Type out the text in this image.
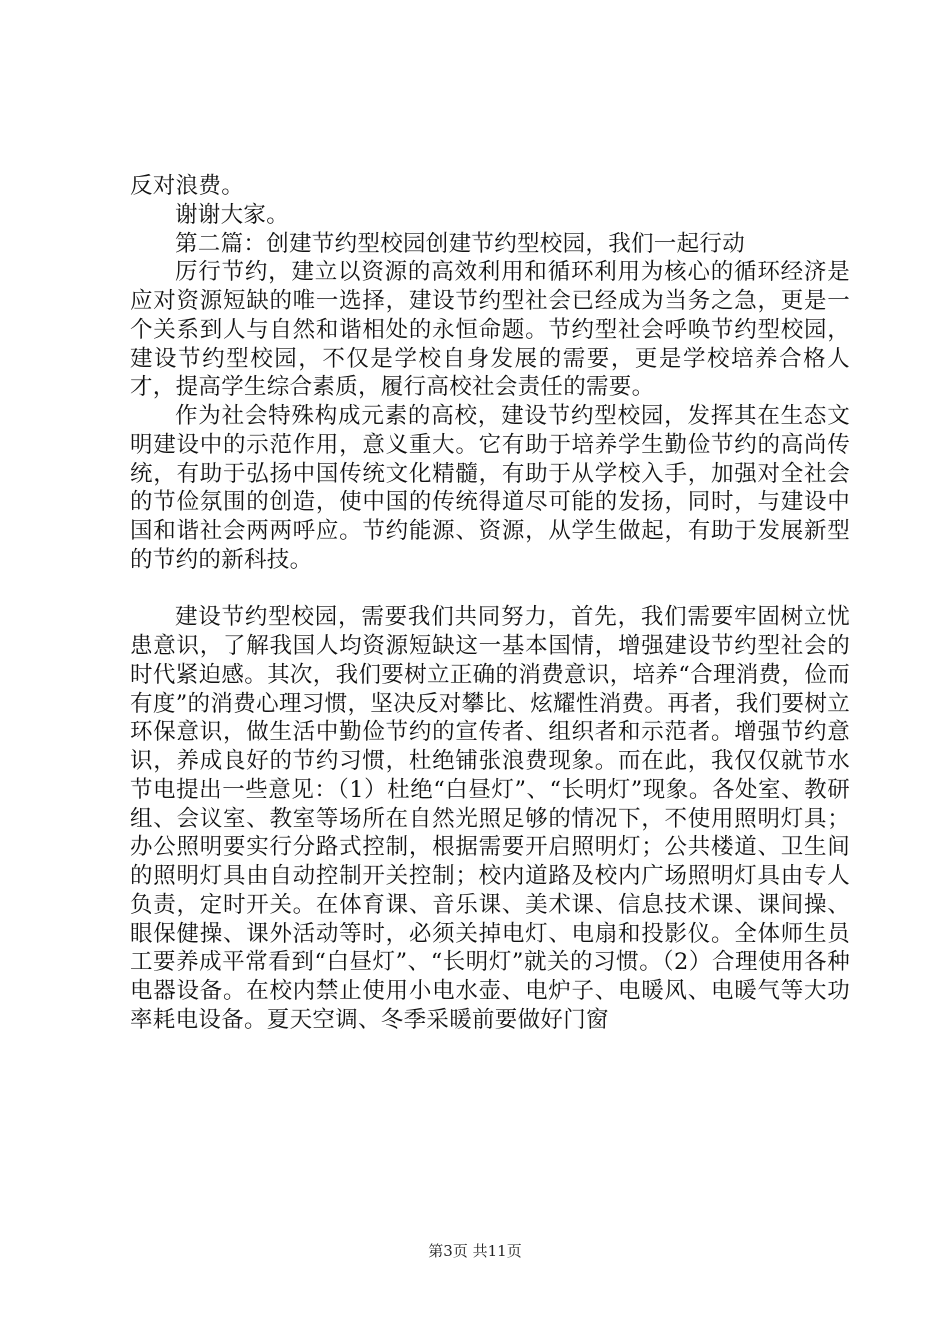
反对浪费。

谢谢大家。

第二篇：创建节约型校园创建节约型校园，我们一起行动

厉行节约，建立以资源的高效利用和循环利用为核心的循环经济是应对资源短缺的唯一选择，建设节约型社会已经成为当务之急，更是一个关系到人与自然和谐相处的永恒命题。节约型社会呼唤节约型校园，建设节约型校园，不仅是学校自身发展的需要，更是学校培养合格人才，提高学生综合素质，履行高校社会责任的需要。

作为社会特殊构成元素的高校，建设节约型校园，发挥其在生态文明建设中的示范作用，意义重大。它有助于培养学生勤俭节约的高尚传统，有助于弘扬中国传统文化精髓，有助于从学校入手，加强对全社会的节俭氛围的创造，使中国的传统得道尽可能的发扬，同时，与建设中国和谐社会两两呼应。节约能源、资源，从学生做起，有助于发展新型的节约的新科技。

建设节约型校园，需要我们共同努力，首先，我们需要牢固树立忧患意识，了解我国人均资源短缺这一基本国情，增强建设节约型社会的时代紧迫感。其次，我们要树立正确的消费意识，培养“合理消费，俭而有度”的消费心理习惯，坚决反对攀比、炫耀性消费。再者，我们要树立环保意识，做生活中勤俭节约的宣传者、组织者和示范者。增强节约意识，养成良好的节约习惯，杜绝铺张浪费现象。而在此，我仅仅就节水节电提出一些意见：（1）杜绝“白昼灯”、“长明灯”现象。各处室、教研组、会议室、教室等场所在自然光照足够的情况下，不使用照明灯具；办公照明要实行分路式控制，根据需要开启照明灯；公共楼道、卫生间的照明灯具由自动控制开关控制；校内道路及校内广场照明灯具由专人负责，定时开关。在体育课、音乐课、美术课、信息技术课、课间操、眼保健操、课外活动等时，必须关掉电灯、电扇和投影仪。全体师生员工要养成平常看到“白昼灯”、“长明灯”就关的习惯。（2）合理使用各种电器设备。在校内禁止使用小电水壶、电炉子、电暖风、电暖气等大功率耗电设备。夏天空调、冬季采暖前要做好门窗

第3页 共11页
